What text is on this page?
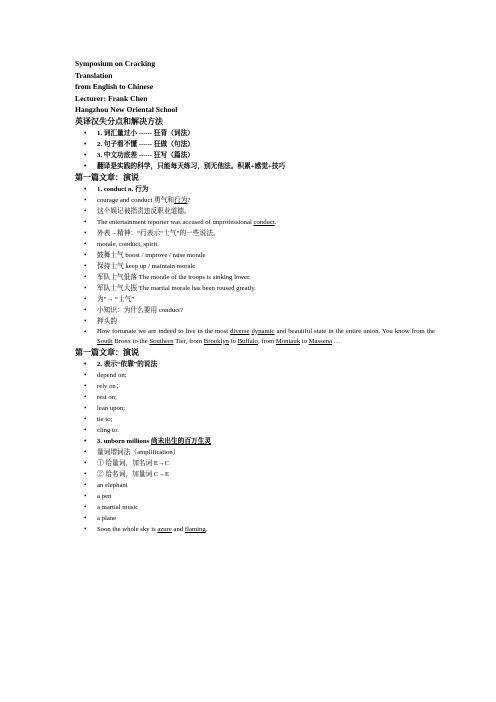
Symposium on Cracking
Translation
from English to Chinese
Lecturer: Frank Chen
Hangzhou New Oriental School
英译汉失分点和解决方法
• 1. 词汇量过小 ------ 狂背（词法）
• 2. 句子看不懂 ------ 狂做（句法）
• 3. 中文功底差 ------ 狂写（篇法）
• 翻译是实践的科学，只能每天练习，别无他法。积累+感觉+技巧
第一篇文章：演说
• 1. conduct n. 行为
• courage and conduct 勇气和行为?
• 这个娱记被指责违反职业道德。
• The entertainment reporter was accused of unprofessional conduct.
• 外表→精神：“行表示“士气”的一些说法。
• morale, conduct, spirit.
• 鼓舞士气 boost / improve / raise morale
• 保持士气 keep up / maintain morale
• 军队士气低落 The morale of the troops is sinking lower.
• 军队士气大振 The martial morale has been roused greatly.
• 为”→ “士气”
• 小知识：为什么要用 conduct?
• 押头韵
• How fortunate we are indeed to live in the most diverse dynamic and beautiful state in the entire union. You know from the South Bronx to the Southern Tier, from Brooklyn to Buffalo, from Montauk to Massena …
第一篇文章：演说
• 2. 表示“依靠”的说法
• depend on;
• rely on；
• rest on;
• lean upon;
• tie to;
• cling to.
• 3. unborn millions 尚未出生的百万生灵
• 量词增词法（amplification）
• ① 给量词，加名词 E→C
• ② 给名词，加量词 C→E
• an elephant
• a pen
• a martial music
• a plane
• Soon the whole sky is azure and flaming.
